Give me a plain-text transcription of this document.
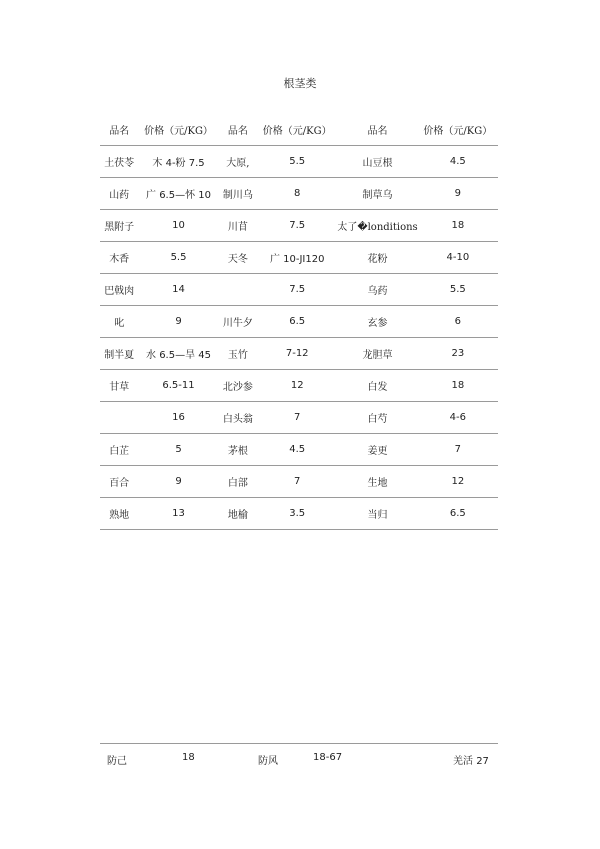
根茎类
品名	价格（元/KG）	品名	价格（元/KG）	品名	价格（元/KG）
土茯苓	木 4-粉 7.5	大原,	5.5	山豆根	4.5
山药	广 6.5—怀 10	制川乌	8	制草乌	9
黑附子	10	川苜	7.5	太了�londitions	18
木香	5.5	天冬	广 10-JI120	花粉	4-10
巴戟肉	14		7.5	乌药	5.5
叱	9	川牛夕	6.5	玄参	6
制半夏	水 6.5—旱 45	玉竹	7-12	龙胆草	23
甘草	6.5-11	北沙参	12	白发	18
	16	白头翁	7	白芍	4-6
白芷	5	茅根	4.5	姜更	7
百合	9	白部	7	生地	12
熟地	13	地榆	3.5	当归	6.5
防己	18	防风	18-67	羌活 27
